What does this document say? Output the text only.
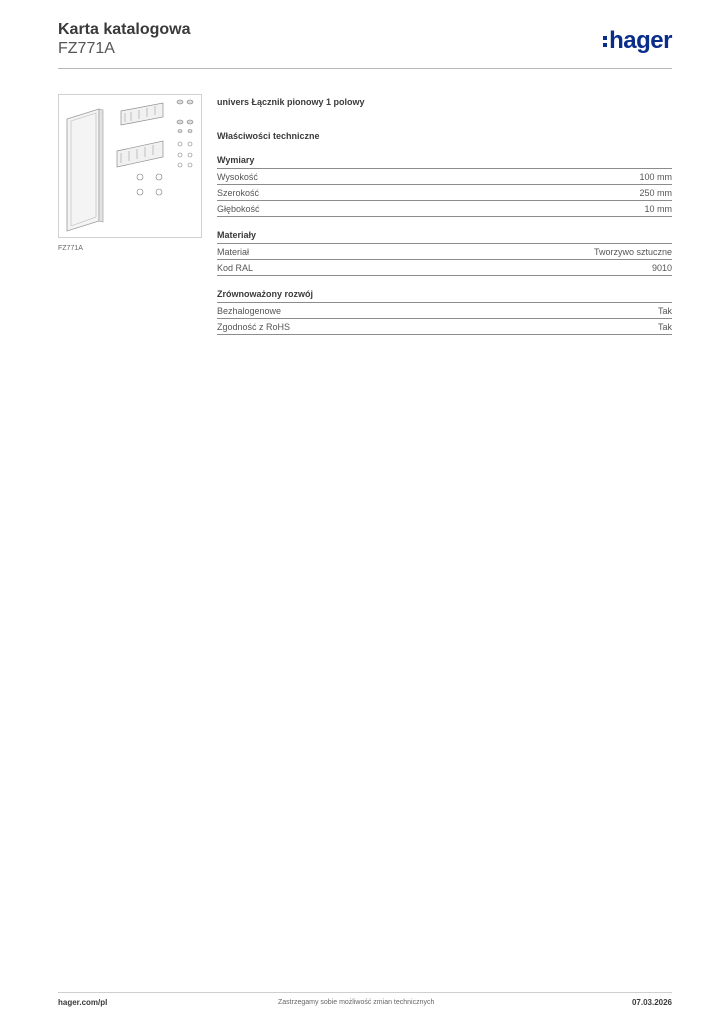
Karta katalogowa
FZ771A	hager
FZ771A
univers Łącznik pionowy 1 polowy
Właściwości techniczne
Wymiary
Wysokość	100 mm
Szerokość	250 mm
Głębokość	10 mm
Materiały
Materiał	Tworzywo sztuczne
Kod RAL	9010
Zrównoważony rozwój
Bezhalogenowe	Tak
Zgodność z RoHS	Tak
hager.com/pl	Zastrzegamy sobie możliwość zmian technicznych	07.03.2026
